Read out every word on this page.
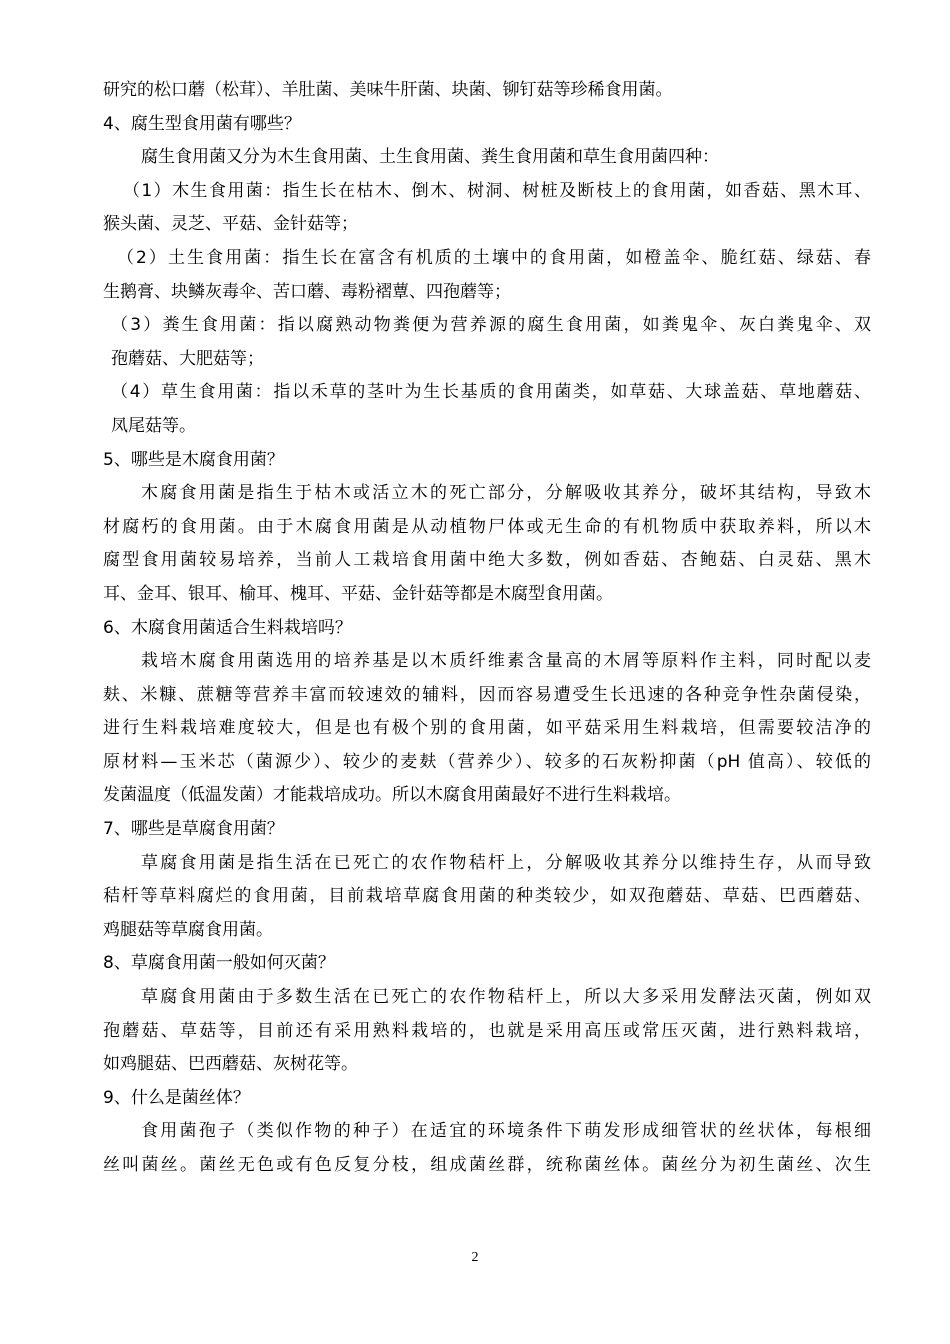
研究的松口蘑（松茸）、羊肚菌、美味牛肝菌、块菌、铆钉菇等珍稀食用菌。
4、腐生型食用菌有哪些？
腐生食用菌又分为木生食用菌、土生食用菌、粪生食用菌和草生食用菌四种：
（1）木生食用菌：指生长在枯木、倒木、树洞、树桩及断枝上的食用菌，如香菇、黑木耳、
猴头菌、灵芝、平菇、金针菇等；
（2）土生食用菌：指生长在富含有机质的土壤中的食用菌，如橙盖伞、脆红菇、绿菇、春
生鹅膏、块鳞灰毒伞、苦口蘑、毒粉褶蕈、四孢蘑等；
（3）粪生食用菌：指以腐熟动物粪便为营养源的腐生食用菌，如粪鬼伞、灰白粪鬼伞、双
孢蘑菇、大肥菇等；
（4）草生食用菌：指以禾草的茎叶为生长基质的食用菌类，如草菇、大球盖菇、草地蘑菇、
凤尾菇等。
5、哪些是木腐食用菌？
木腐食用菌是指生于枯木或活立木的死亡部分，分解吸收其养分，破坏其结构，导致木
材腐朽的食用菌。由于木腐食用菌是从动植物尸体或无生命的有机物质中获取养料，所以木
腐型食用菌较易培养，当前人工栽培食用菌中绝大多数，例如香菇、杏鲍菇、白灵菇、黑木
耳、金耳、银耳、榆耳、槐耳、平菇、金针菇等都是木腐型食用菌。
6、木腐食用菌适合生料栽培吗？
栽培木腐食用菌选用的培养基是以木质纤维素含量高的木屑等原料作主料，同时配以麦
麸、米糠、蔗糖等营养丰富而较速效的辅料，因而容易遭受生长迅速的各种竞争性杂菌侵染，
进行生料栽培难度较大，但是也有极个别的食用菌，如平菇采用生料栽培，但需要较洁净的
原材料—玉米芯（菌源少）、较少的麦麸（营养少）、较多的石灰粉抑菌（pH 值高）、较低的
发菌温度（低温发菌）才能栽培成功。所以木腐食用菌最好不进行生料栽培。
7、哪些是草腐食用菌？
草腐食用菌是指生活在已死亡的农作物秸杆上，分解吸收其养分以维持生存，从而导致
秸杆等草料腐烂的食用菌，目前栽培草腐食用菌的种类较少，如双孢蘑菇、草菇、巴西蘑菇、
鸡腿菇等草腐食用菌。
8、草腐食用菌一般如何灭菌？
草腐食用菌由于多数生活在已死亡的农作物秸杆上，所以大多采用发酵法灭菌，例如双
孢蘑菇、草菇等，目前还有采用熟料栽培的，也就是采用高压或常压灭菌，进行熟料栽培，
如鸡腿菇、巴西蘑菇、灰树花等。
9、什么是菌丝体？
食用菌孢子（类似作物的种子）在适宜的环境条件下萌发形成细管状的丝状体，每根细
丝叫菌丝。菌丝无色或有色反复分枝，组成菌丝群，统称菌丝体。菌丝分为初生菌丝、次生
2
